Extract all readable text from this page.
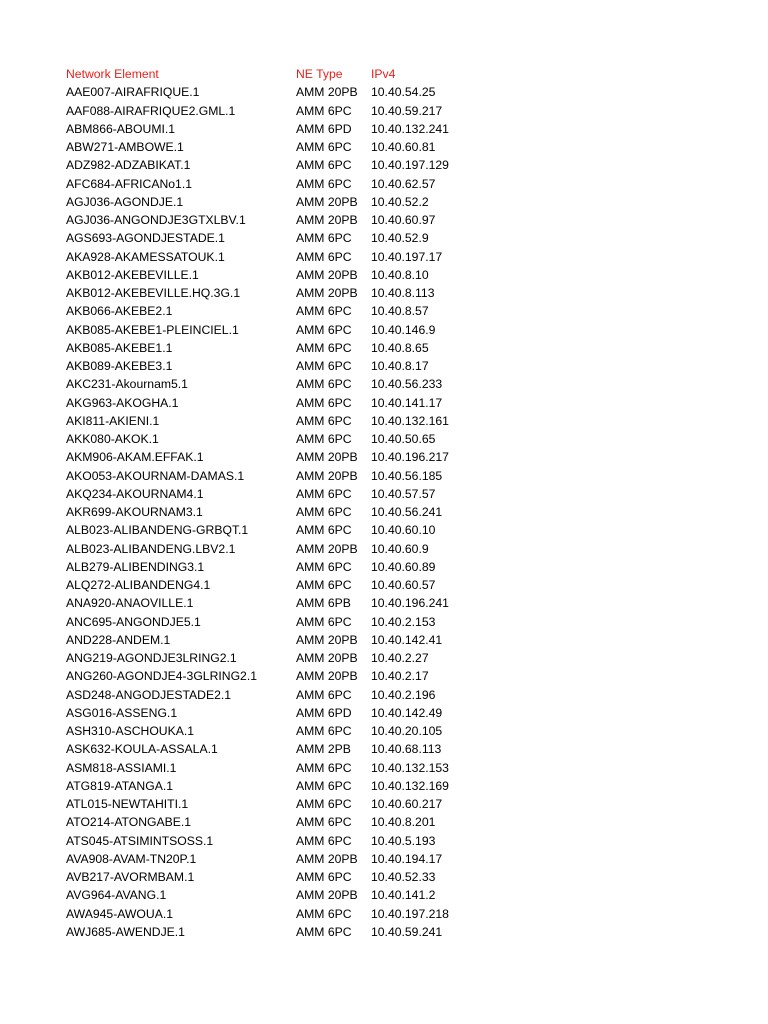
Network Element	NE Type	IPv4
AAE007-AIRAFRIQUE.1	AMM 20PB	10.40.54.25
AAF088-AIRAFRIQUE2.GML.1	AMM 6PC	10.40.59.217
ABM866-ABOUMI.1	AMM 6PD	10.40.132.241
ABW271-AMBOWE.1	AMM 6PC	10.40.60.81
ADZ982-ADZABIKAT.1	AMM 6PC	10.40.197.129
AFC684-AFRICANo1.1	AMM 6PC	10.40.62.57
AGJ036-AGONDJE.1	AMM 20PB	10.40.52.2
AGJ036-ANGONDJE3GTXLBV.1	AMM 20PB	10.40.60.97
AGS693-AGONDJESTADE.1	AMM 6PC	10.40.52.9
AKA928-AKAMESSATOUK.1	AMM 6PC	10.40.197.17
AKB012-AKEBEVILLE.1	AMM 20PB	10.40.8.10
AKB012-AKEBEVILLE.HQ.3G.1	AMM 20PB	10.40.8.113
AKB066-AKEBE2.1	AMM 6PC	10.40.8.57
AKB085-AKEBE1-PLEINCIEL.1	AMM 6PC	10.40.146.9
AKB085-AKEBE1.1	AMM 6PC	10.40.8.65
AKB089-AKEBE3.1	AMM 6PC	10.40.8.17
AKC231-Akournam5.1	AMM 6PC	10.40.56.233
AKG963-AKOGHA.1	AMM 6PC	10.40.141.17
AKI811-AKIENI.1	AMM 6PC	10.40.132.161
AKK080-AKOK.1	AMM 6PC	10.40.50.65
AKM906-AKAM.EFFAK.1	AMM 20PB	10.40.196.217
AKO053-AKOURNAM-DAMAS.1	AMM 20PB	10.40.56.185
AKQ234-AKOURNAM4.1	AMM 6PC	10.40.57.57
AKR699-AKOURNAM3.1	AMM 6PC	10.40.56.241
ALB023-ALIBANDENG-GRBQT.1	AMM 6PC	10.40.60.10
ALB023-ALIBANDENG.LBV2.1	AMM 20PB	10.40.60.9
ALB279-ALIBENDING3.1	AMM 6PC	10.40.60.89
ALQ272-ALIBANDENG4.1	AMM 6PC	10.40.60.57
ANA920-ANAOVILLE.1	AMM 6PB	10.40.196.241
ANC695-ANGONDJE5.1	AMM 6PC	10.40.2.153
AND228-ANDEM.1	AMM 20PB	10.40.142.41
ANG219-AGONDJE3LRING2.1	AMM 20PB	10.40.2.27
ANG260-AGONDJE4-3GLRING2.1	AMM 20PB	10.40.2.17
ASD248-ANGODJESTADE2.1	AMM 6PC	10.40.2.196
ASG016-ASSENG.1	AMM 6PD	10.40.142.49
ASH310-ASCHOUKA.1	AMM 6PC	10.40.20.105
ASK632-KOULA-ASSALA.1	AMM 2PB	10.40.68.113
ASM818-ASSIAMI.1	AMM 6PC	10.40.132.153
ATG819-ATANGA.1	AMM 6PC	10.40.132.169
ATL015-NEWTAHITI.1	AMM 6PC	10.40.60.217
ATO214-ATONGABE.1	AMM 6PC	10.40.8.201
ATS045-ATSIMINTSOSS.1	AMM 6PC	10.40.5.193
AVA908-AVAM-TN20P.1	AMM 20PB	10.40.194.17
AVB217-AVORMBAM.1	AMM 6PC	10.40.52.33
AVG964-AVANG.1	AMM 20PB	10.40.141.2
AWA945-AWOUA.1	AMM 6PC	10.40.197.218
AWJ685-AWENDJE.1	AMM 6PC	10.40.59.241
